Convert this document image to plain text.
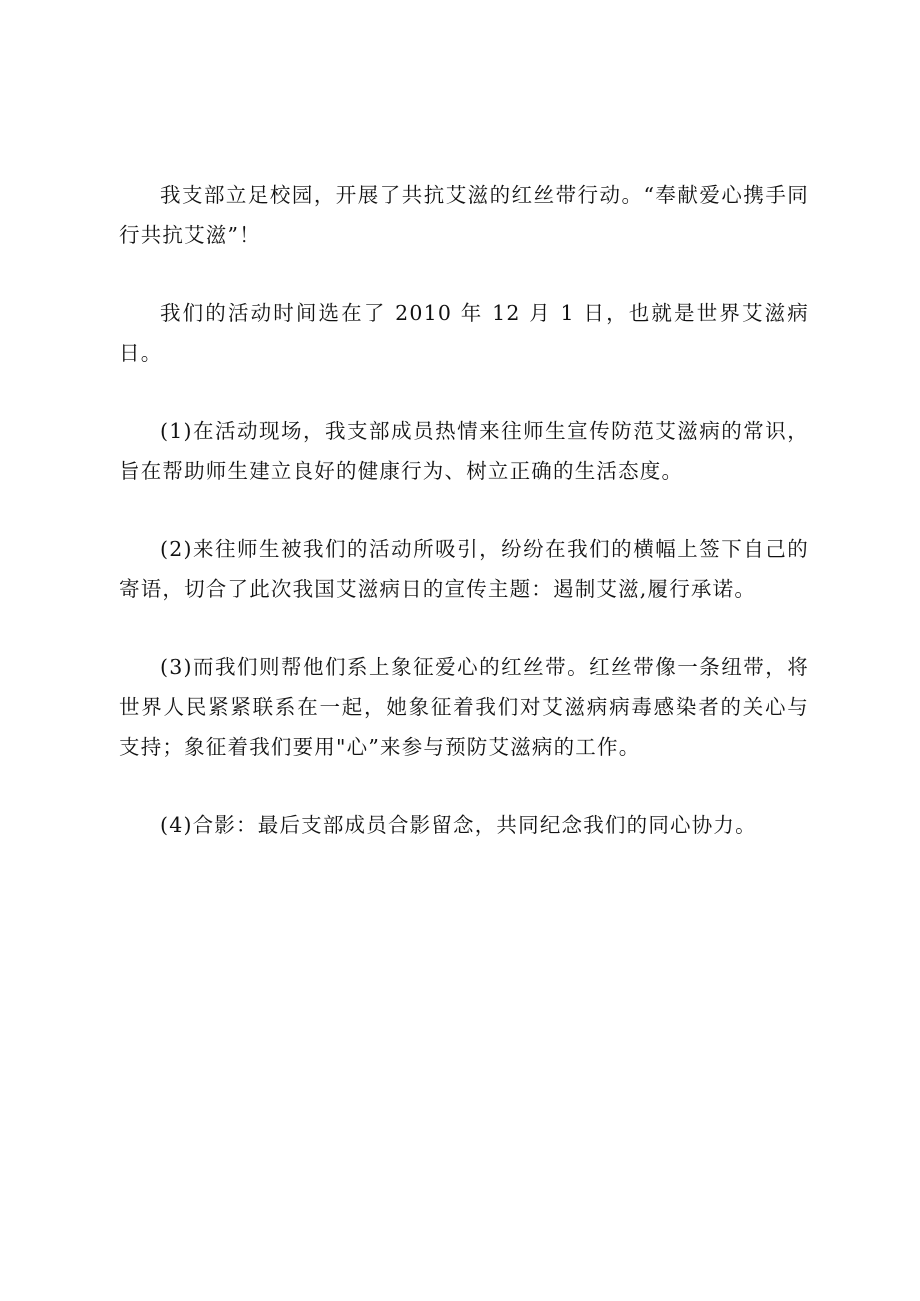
我支部立足校园，开展了共抗艾滋的红丝带行动。“奉献爱心携手同行共抗艾滋”！

我们的活动时间选在了 2010 年 12 月 1 日，也就是世界艾滋病日。

(1)在活动现场，我支部成员热情来往师生宣传防范艾滋病的常识，旨在帮助师生建立良好的健康行为、树立正确的生活态度。

(2)来往师生被我们的活动所吸引，纷纷在我们的横幅上签下自己的寄语，切合了此次我国艾滋病日的宣传主题：遏制艾滋,履行承诺。

(3)而我们则帮他们系上象征爱心的红丝带。红丝带像一条纽带，将世界人民紧紧联系在一起，她象征着我们对艾滋病病毒感染者的关心与支持；象征着我们要用"心”来参与预防艾滋病的工作。

(4)合影：最后支部成员合影留念，共同纪念我们的同心协力。
